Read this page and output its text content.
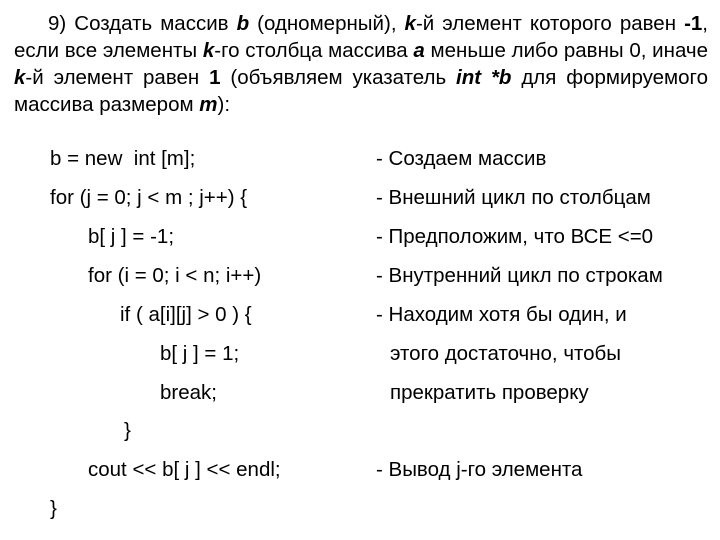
9) Создать массив b (одномерный), k-й элемент которого равен -1, если все элементы k-го столбца массива а меньше либо равны 0, иначе k-й элемент равен 1 (объявляем указатель int *b для формируемого массива размером m):
b = new  int [m];
for (j = 0; j < m ; j++) {
b[ j ] = -1;
for (i = 0; i < n; i++)
if ( a[i][j] > 0 ) {
b[ j ] = 1;
break;
}
cout << b[ j ] << endl;
}
- Создаем массив
- Внешний цикл по столбцам
- Предположим, что ВСЕ <=0
- Внутренний цикл по строкам
- Находим хотя бы один, и
этого достаточно, чтобы
прекратить проверку
- Вывод j-го элемента
